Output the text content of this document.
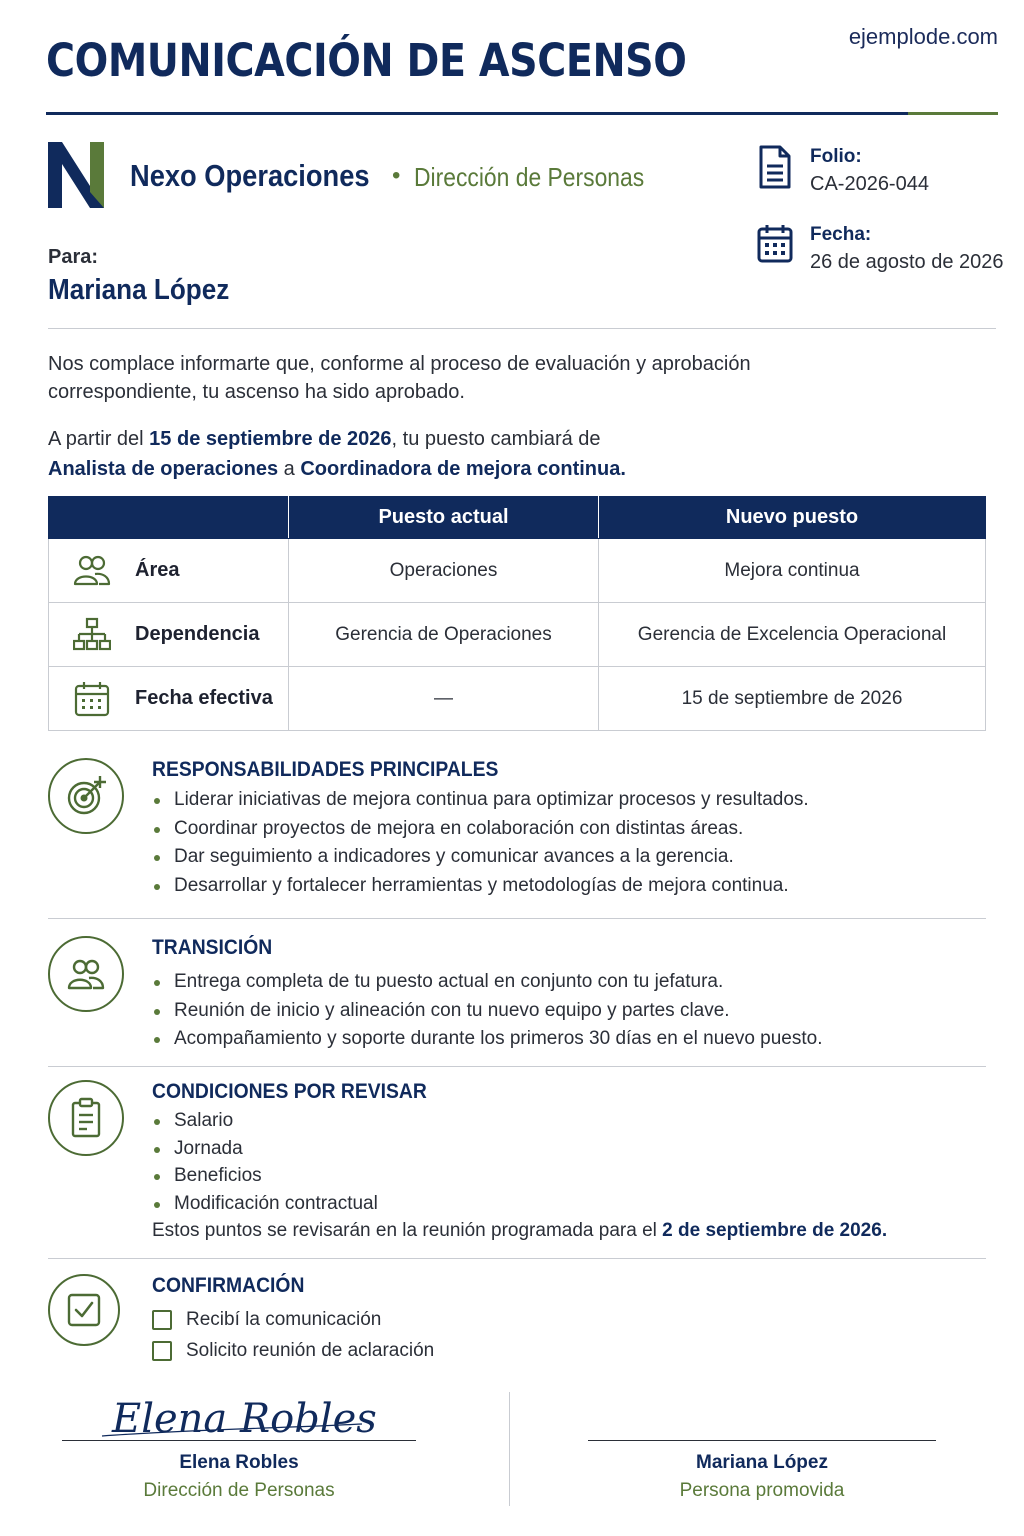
ejemplode.com
COMUNICACIÓN DE ASCENSO
Nexo Operaciones • Dirección de Personas
Folio:
CA-2026-044
Fecha:
26 de agosto de 2026
Para:
Mariana López
Nos complace informarte que, conforme al proceso de evaluación y aprobación correspondiente, tu ascenso ha sido aprobado.
A partir del 15 de septiembre de 2026, tu puesto cambiará de
Analista de operaciones a Coordinadora de mejora continua.
	Puesto actual	Nuevo puesto

Área	Operaciones	Mejora continua

Dependencia	Gerencia de Operaciones	Gerencia de Excelencia Operacional

Fecha efectiva	—	15 de septiembre de 2026
RESPONSABILIDADES PRINCIPALES
Liderar iniciativas de mejora continua para optimizar procesos y resultados.
Coordinar proyectos de mejora en colaboración con distintas áreas.
Dar seguimiento a indicadores y comunicar avances a la gerencia.
Desarrollar y fortalecer herramientas y metodologías de mejora continua.
TRANSICIÓN
Entrega completa de tu puesto actual en conjunto con tu jefatura.
Reunión de inicio y alineación con tu nuevo equipo y partes clave.
Acompañamiento y soporte durante los primeros 30 días en el nuevo puesto.
CONDICIONES POR REVISAR
Salario
Jornada
Beneficios
Modificación contractual
Estos puntos se revisarán en la reunión programada para el 2 de septiembre de 2026.
CONFIRMACIÓN
Recibí la comunicación
Solicito reunión de aclaración
Elena Robles
Elena Robles
Dirección de Personas
Mariana López
Persona promovida
